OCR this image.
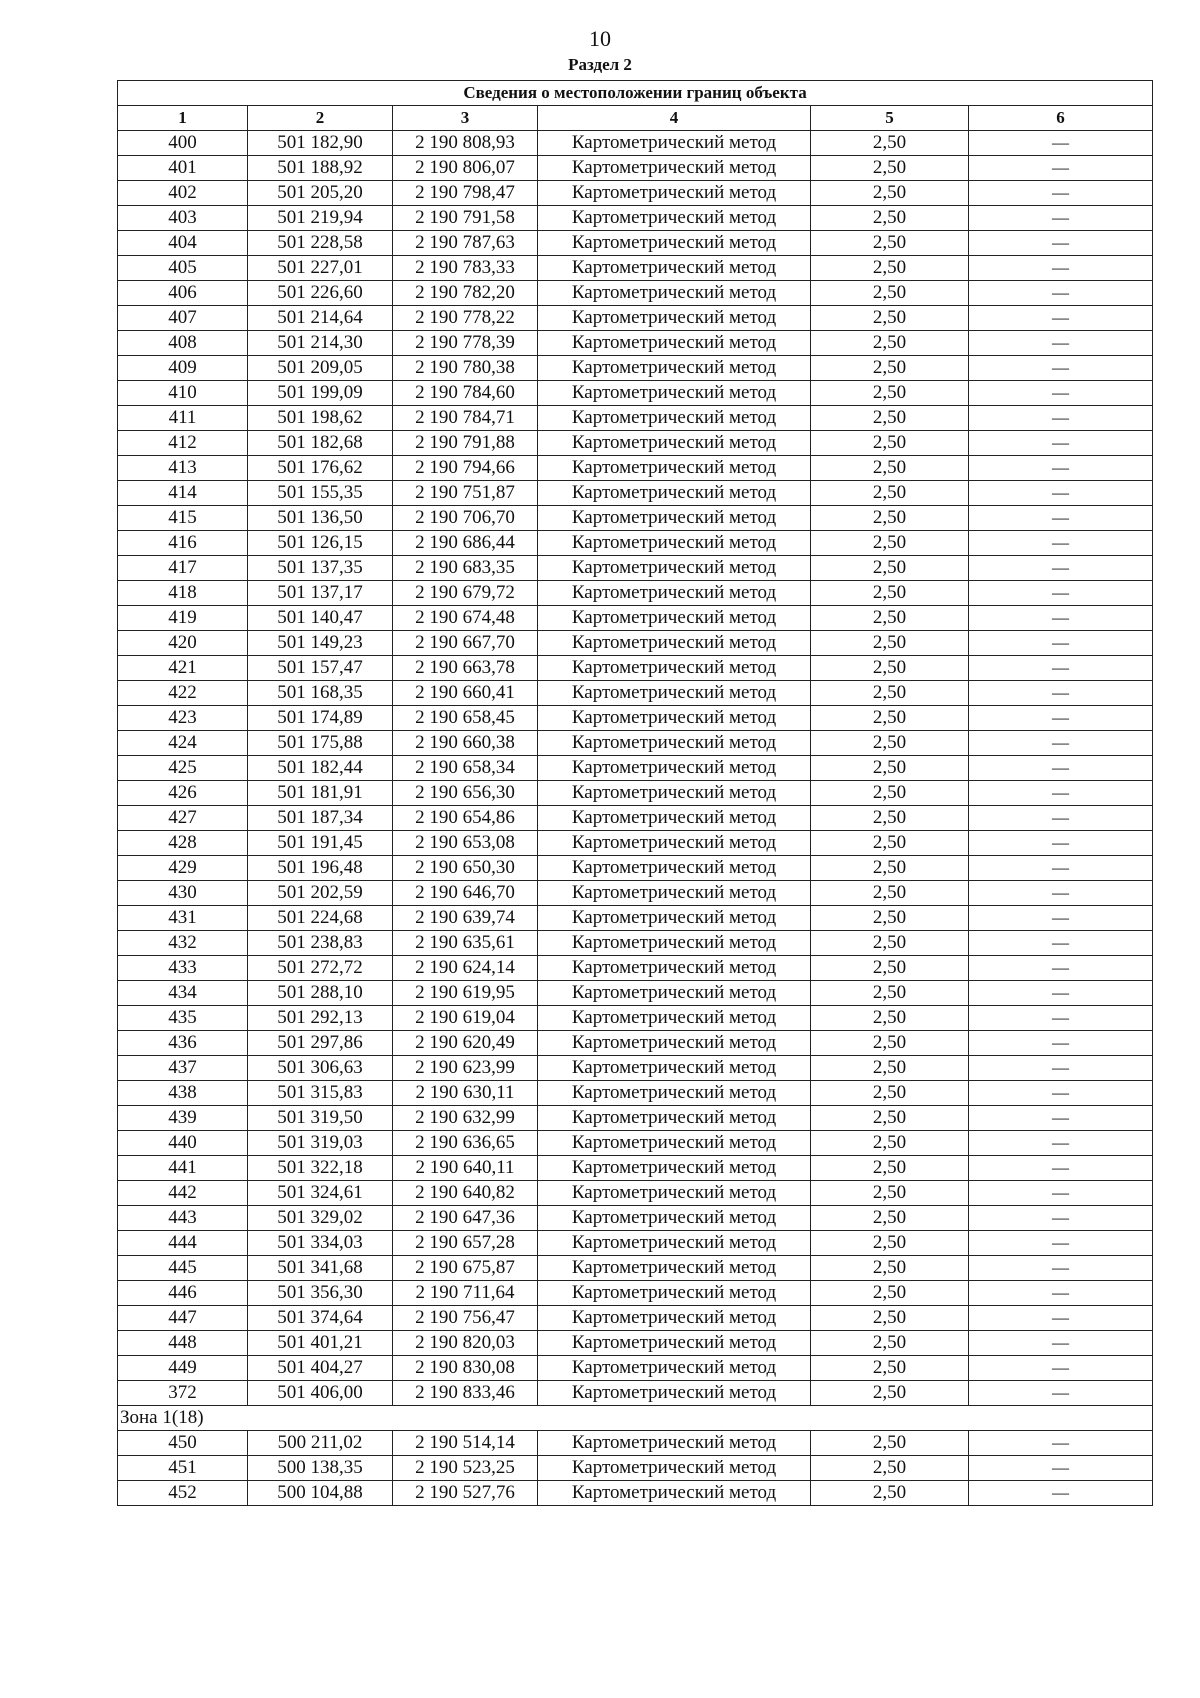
10
Раздел 2
Сведения о местоположении границ объекта					
1	2	3	4	5	6
400	501 182,90	2 190 808,93	Картометрический метод	2,50	—
401	501 188,92	2 190 806,07	Картометрический метод	2,50	—
402	501 205,20	2 190 798,47	Картометрический метод	2,50	—
403	501 219,94	2 190 791,58	Картометрический метод	2,50	—
404	501 228,58	2 190 787,63	Картометрический метод	2,50	—
405	501 227,01	2 190 783,33	Картометрический метод	2,50	—
406	501 226,60	2 190 782,20	Картометрический метод	2,50	—
407	501 214,64	2 190 778,22	Картометрический метод	2,50	—
408	501 214,30	2 190 778,39	Картометрический метод	2,50	—
409	501 209,05	2 190 780,38	Картометрический метод	2,50	—
410	501 199,09	2 190 784,60	Картометрический метод	2,50	—
411	501 198,62	2 190 784,71	Картометрический метод	2,50	—
412	501 182,68	2 190 791,88	Картометрический метод	2,50	—
413	501 176,62	2 190 794,66	Картометрический метод	2,50	—
414	501 155,35	2 190 751,87	Картометрический метод	2,50	—
415	501 136,50	2 190 706,70	Картометрический метод	2,50	—
416	501 126,15	2 190 686,44	Картометрический метод	2,50	—
417	501 137,35	2 190 683,35	Картометрический метод	2,50	—
418	501 137,17	2 190 679,72	Картометрический метод	2,50	—
419	501 140,47	2 190 674,48	Картометрический метод	2,50	—
420	501 149,23	2 190 667,70	Картометрический метод	2,50	—
421	501 157,47	2 190 663,78	Картометрический метод	2,50	—
422	501 168,35	2 190 660,41	Картометрический метод	2,50	—
423	501 174,89	2 190 658,45	Картометрический метод	2,50	—
424	501 175,88	2 190 660,38	Картометрический метод	2,50	—
425	501 182,44	2 190 658,34	Картометрический метод	2,50	—
426	501 181,91	2 190 656,30	Картометрический метод	2,50	—
427	501 187,34	2 190 654,86	Картометрический метод	2,50	—
428	501 191,45	2 190 653,08	Картометрический метод	2,50	—
429	501 196,48	2 190 650,30	Картометрический метод	2,50	—
430	501 202,59	2 190 646,70	Картометрический метод	2,50	—
431	501 224,68	2 190 639,74	Картометрический метод	2,50	—
432	501 238,83	2 190 635,61	Картометрический метод	2,50	—
433	501 272,72	2 190 624,14	Картометрический метод	2,50	—
434	501 288,10	2 190 619,95	Картометрический метод	2,50	—
435	501 292,13	2 190 619,04	Картометрический метод	2,50	—
436	501 297,86	2 190 620,49	Картометрический метод	2,50	—
437	501 306,63	2 190 623,99	Картометрический метод	2,50	—
438	501 315,83	2 190 630,11	Картометрический метод	2,50	—
439	501 319,50	2 190 632,99	Картометрический метод	2,50	—
440	501 319,03	2 190 636,65	Картометрический метод	2,50	—
441	501 322,18	2 190 640,11	Картометрический метод	2,50	—
442	501 324,61	2 190 640,82	Картометрический метод	2,50	—
443	501 329,02	2 190 647,36	Картометрический метод	2,50	—
444	501 334,03	2 190 657,28	Картометрический метод	2,50	—
445	501 341,68	2 190 675,87	Картометрический метод	2,50	—
446	501 356,30	2 190 711,64	Картометрический метод	2,50	—
447	501 374,64	2 190 756,47	Картометрический метод	2,50	—
448	501 401,21	2 190 820,03	Картометрический метод	2,50	—
449	501 404,27	2 190 830,08	Картометрический метод	2,50	—
372	501 406,00	2 190 833,46	Картометрический метод	2,50	—
Зона 1(18)					
450	500 211,02	2 190 514,14	Картометрический метод	2,50	—
451	500 138,35	2 190 523,25	Картометрический метод	2,50	—
452	500 104,88	2 190 527,76	Картометрический метод	2,50	—
